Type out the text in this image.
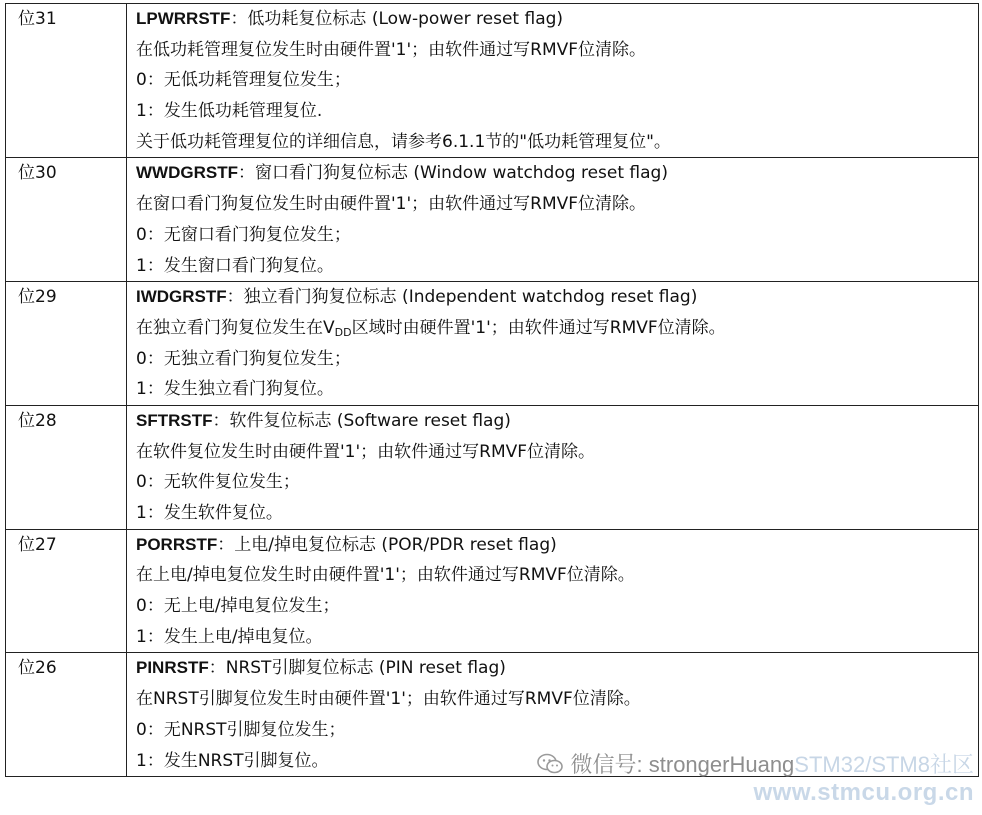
位31	LPWRRSTF：低功耗复位标志 (Low-power reset flag)
在低功耗管理复位发生时由硬件置'1'；由软件通过写RMVF位清除。
0：无低功耗管理复位发生；
1：发生低功耗管理复位.
关于低功耗管理复位的详细信息，请参考6.1.1节的"低功耗管理复位"。

位30	WWDGRSTF：窗口看门狗复位标志 (Window watchdog reset flag)
在窗口看门狗复位发生时由硬件置'1'；由软件通过写RMVF位清除。
0：无窗口看门狗复位发生；
1：发生窗口看门狗复位。

位29	IWDGRSTF：独立看门狗复位标志 (Independent watchdog reset flag)
在独立看门狗复位发生在$V_{DD}$区域时由硬件置'1'；由软件通过写RMVF位清除。
0：无独立看门狗复位发生；
1：发生独立看门狗复位。

位28	SFTRSTF：软件复位标志 (Software reset flag)
在软件复位发生时由硬件置'1'；由软件通过写RMVF位清除。
0：无软件复位发生；
1：发生软件复位。

位27	PORRSTF：上电/掉电复位标志 (POR/PDR reset flag)
在上电/掉电复位发生时由硬件置'1'；由软件通过写RMVF位清除。
0：无上电/掉电复位发生；
1：发生上电/掉电复位。

位26	PINRSTF：NRST引脚复位标志 (PIN reset flag)
在NRST引脚复位发生时由硬件置'1'；由软件通过写RMVF位清除。
0：无NRST引脚复位发生；
1：发生NRST引脚复位。	微信号: strongerHuangSTM32/STM8社区
www.stmcu.org.cn
